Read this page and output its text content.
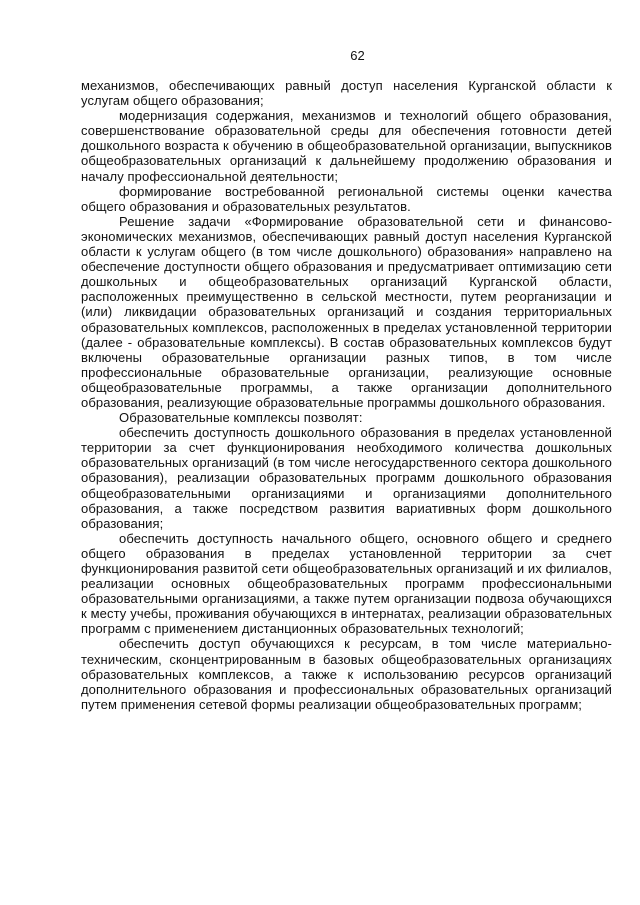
62

механизмов, обеспечивающих равный доступ населения Курганской области к услугам общего образования;

модернизация содержания, механизмов и технологий общего образования, совершенствование образовательной среды для обеспечения готовности детей дошкольного возраста к обучению в общеобразовательной организации, выпускников общеобразовательных организаций к дальнейшему продолжению образования и началу профессиональной деятельности;

формирование востребованной региональной системы оценки качества общего образования и образовательных результатов.

Решение задачи «Формирование образовательной сети и финансово-экономических механизмов, обеспечивающих равный доступ населения Курганской области к услугам общего (в том числе дошкольного) образования» направлено на обеспечение доступности общего образования и предусматривает оптимизацию сети дошкольных и общеобразовательных организаций Курганской области, расположенных преимущественно в сельской местности, путем реорганизации и (или) ликвидации образовательных организаций и создания территориальных образовательных комплексов, расположенных в пределах установленной территории (далее - образовательные комплексы). В состав образовательных комплексов будут включены образовательные организации разных типов, в том числе профессиональные образовательные организации, реализующие основные общеобразовательные программы, а также организации дополнительного образования, реализующие образовательные программы дошкольного образования.

Образовательные комплексы позволят:

обеспечить доступность дошкольного образования в пределах установленной территории за счет функционирования необходимого количества дошкольных образовательных организаций (в том числе негосударственного сектора дошкольного образования), реализации образовательных программ дошкольного образования общеобразовательными организациями и организациями дополнительного образования, а также посредством развития вариативных форм дошкольного образования;

обеспечить доступность начального общего, основного общего и среднего общего образования в пределах установленной территории за счет функционирования развитой сети общеобразовательных организаций и их филиалов, реализации основных общеобразовательных программ профессиональными образовательными организациями, а также путем организации подвоза обучающихся к месту учебы, проживания обучающихся в интернатах, реализации образовательных программ с применением дистанционных образовательных технологий;

обеспечить доступ обучающихся к ресурсам, в том числе материально-техническим, сконцентрированным в базовых общеобразовательных организациях образовательных комплексов, а также к использованию ресурсов организаций дополнительного образования и профессиональных образовательных организаций путем применения сетевой формы реализации общеобразовательных программ;
